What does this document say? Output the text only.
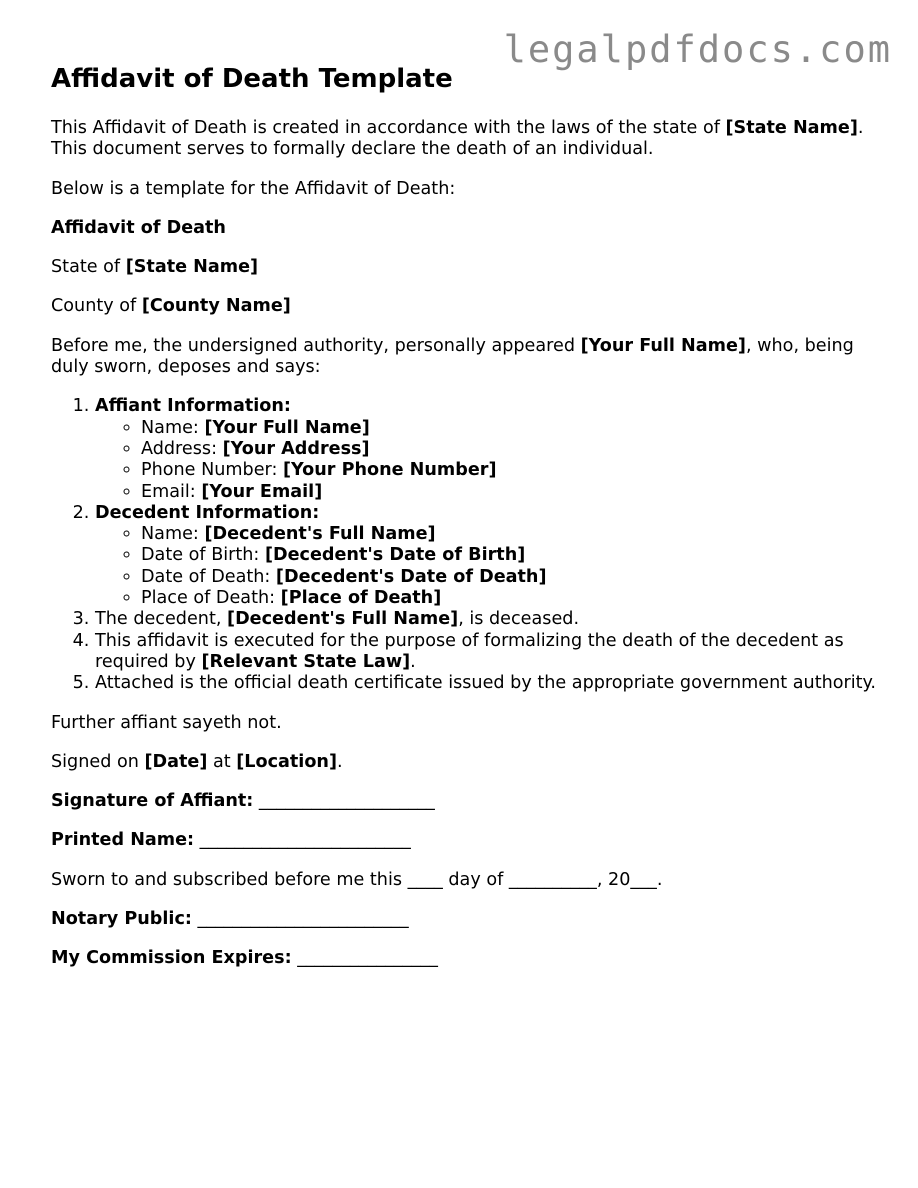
legalpdfdocs.com
Affidavit of Death Template

This Affidavit of Death is created in accordance with the laws of the state of [State Name]. This document serves to formally declare the death of an individual.

Below is a template for the Affidavit of Death:

Affidavit of Death

State of [State Name]

County of [County Name]

Before me, the undersigned authority, personally appeared [Your Full Name], who, being duly sworn, deposes and says:

1. Affiant Information:
◦ Name: [Your Full Name]
◦ Address: [Your Address]
◦ Phone Number: [Your Phone Number]
◦ Email: [Your Email]
2. Decedent Information:
◦ Name: [Decedent's Full Name]
◦ Date of Birth: [Decedent's Date of Birth]
◦ Date of Death: [Decedent's Date of Death]
◦ Place of Death: [Place of Death]
3. The decedent, [Decedent's Full Name], is deceased.
4. This affidavit is executed for the purpose of formalizing the death of the decedent as required by [Relevant State Law].
5. Attached is the official death certificate issued by the appropriate government authority.

Further affiant sayeth not.

Signed on [Date] at [Location].

Signature of Affiant: ____________________

Printed Name: ________________________

Sworn to and subscribed before me this ____ day of __________, 20___.

Notary Public: ________________________

My Commission Expires: ________________
